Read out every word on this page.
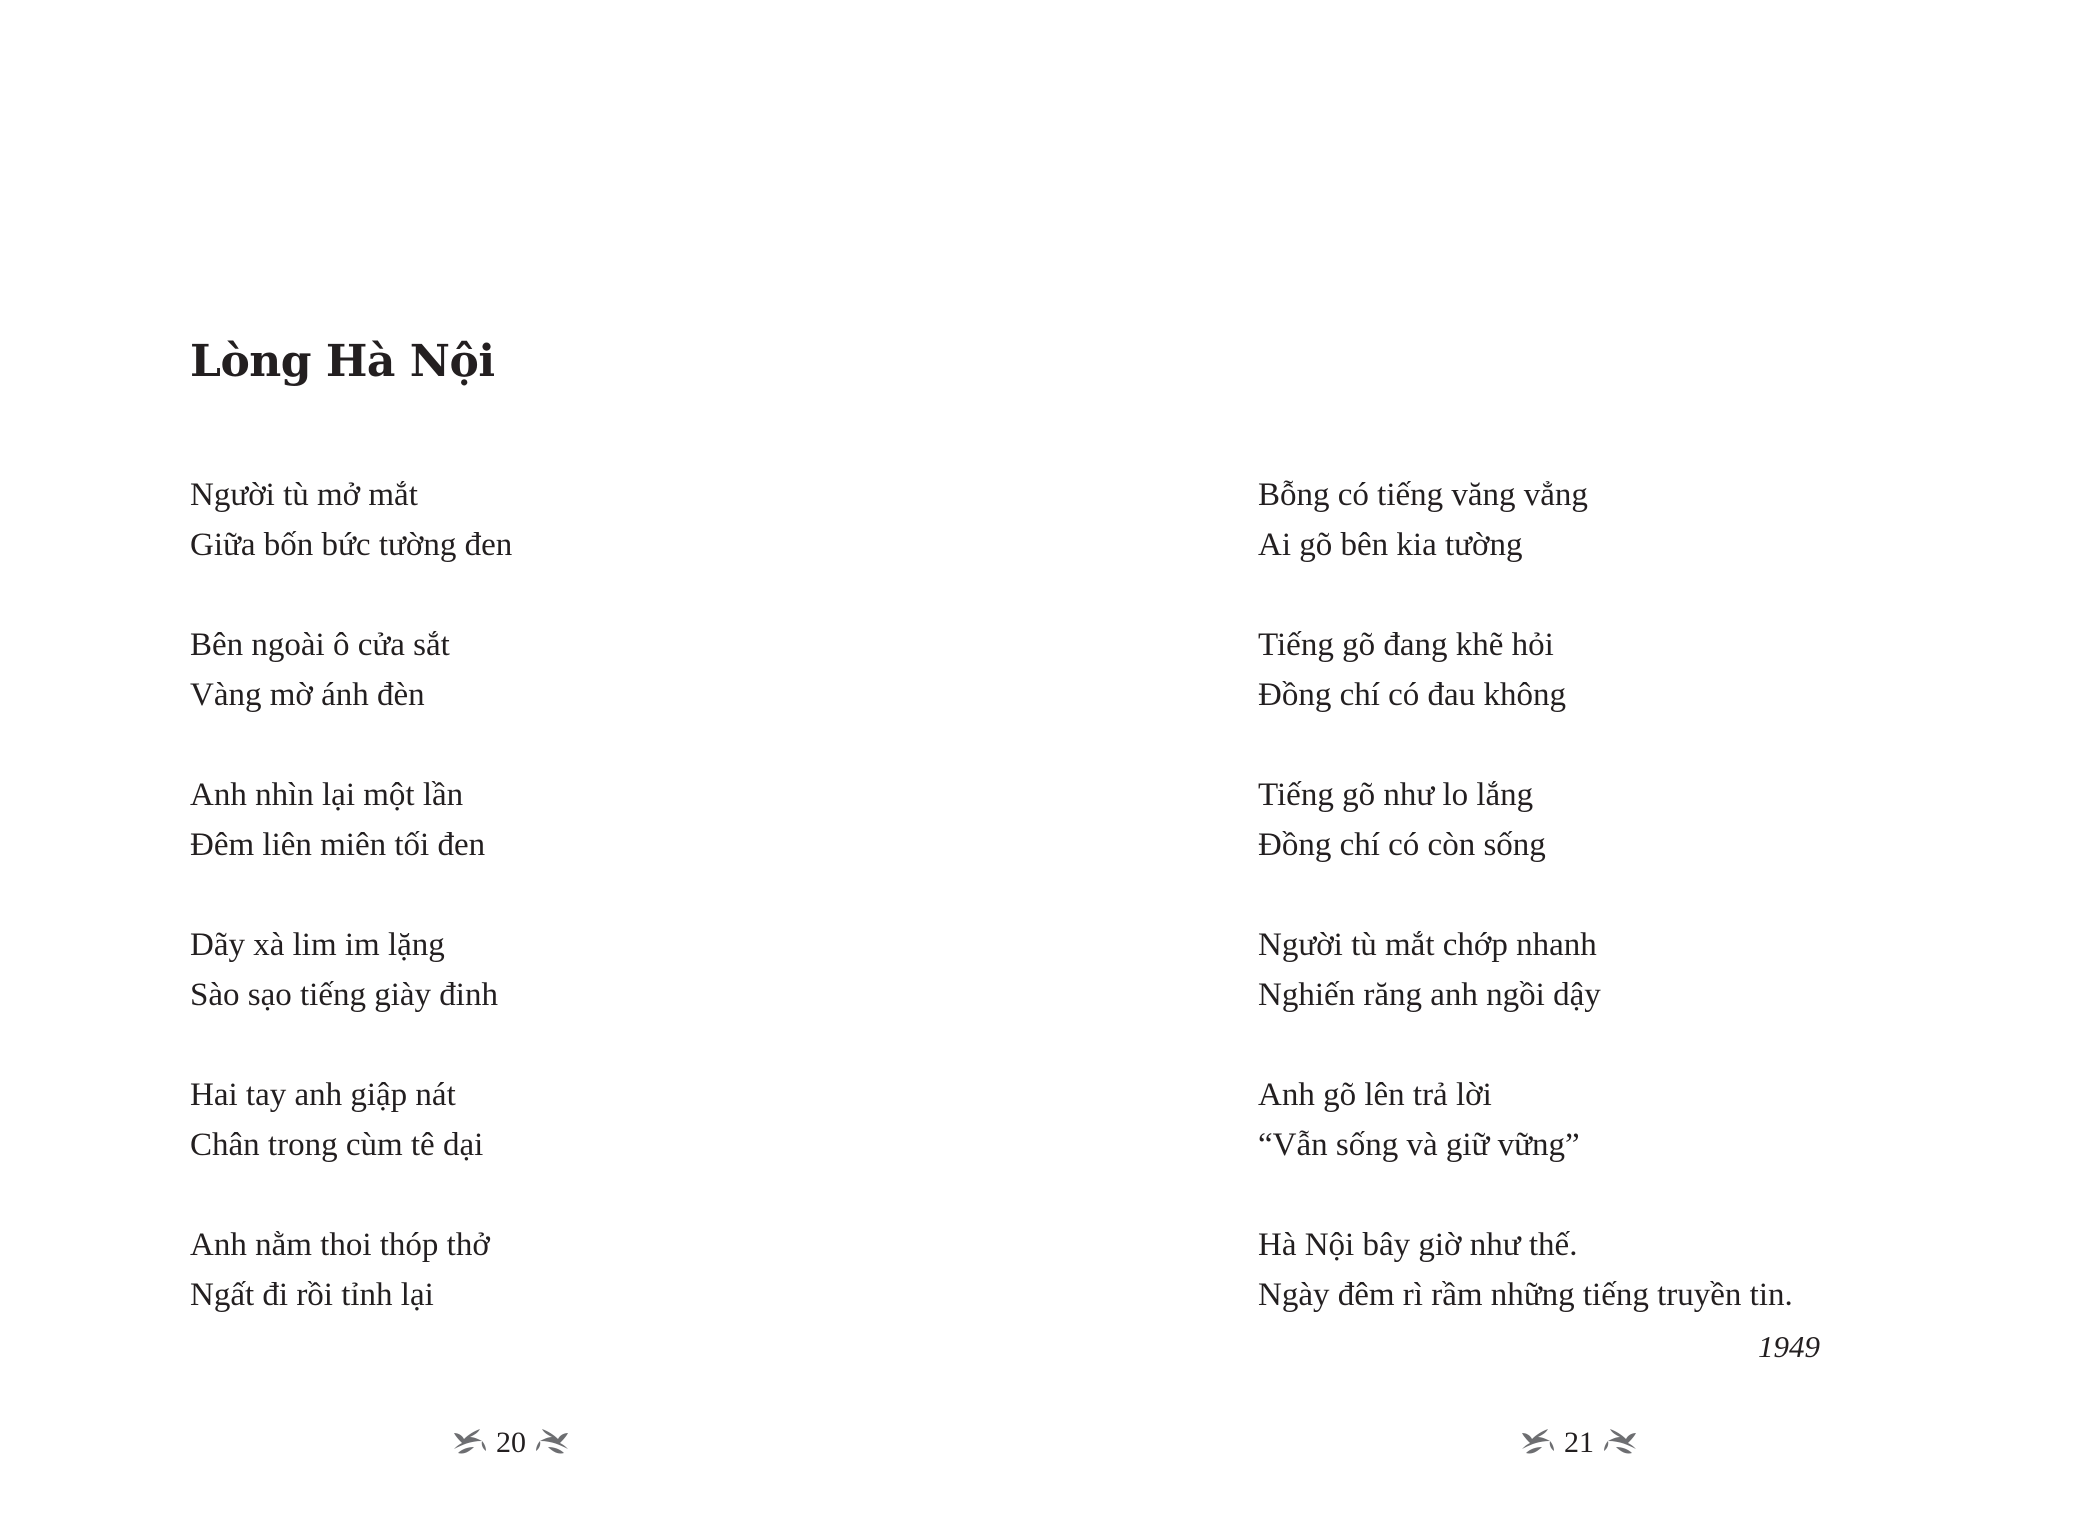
Lòng Hà Nội
Người tù mở mắt
Giữa bốn bức tường đen
Bên ngoài ô cửa sắt
Vàng mờ ánh đèn
Anh nhìn lại một lần
Đêm liên miên tối đen
Dãy xà lim im lặng
Sào sạo tiếng giày đinh
Hai tay anh giập nát
Chân trong cùm tê dại
Anh nằm thoi thóp thở
Ngất đi rồi tỉnh lại
20
Bỗng có tiếng văng vẳng
Ai gõ bên kia tường
Tiếng gõ đang khẽ hỏi
Đồng chí có đau không
Tiếng gõ như lo lắng
Đồng chí có còn sống
Người tù mắt chớp nhanh
Nghiến răng anh ngồi dậy
Anh gõ lên trả lời
“Vẫn sống và giữ vững”
Hà Nội bây giờ như thế.
Ngày đêm rì rầm những tiếng truyền tin.
21
1949
